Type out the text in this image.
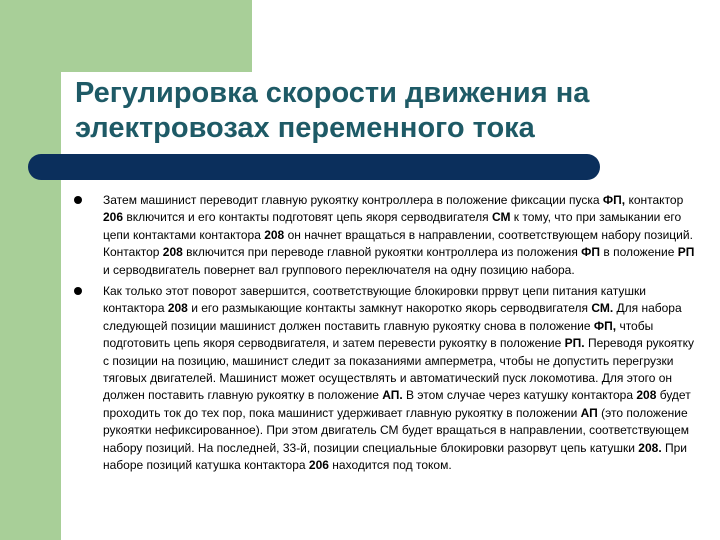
Регулировка скорости движения на электровозах переменного тока
Затем машинист переводит главную рукоятку контроллера в положение фиксации пуска ФП, контактор 206 включится и его контакты подготовят цепь якоря серводвигателя СМ к тому, что при замыкании его цепи контактами контактора 208 он начнет вращаться в направлении, соответствующем набору позиций. Контактор 208 включится при переводе главной рукоятки контроллера из положения ФП в положение РП и серводвигатель повернет вал группового переключателя на одну позицию набора.
Как только этот поворот завершится, соответствующие блокировки прр​вут цепи питания катушки контактора 208 и его размыкающие контакты замкнут накоротко якорь серводвигателя СМ. Для набора следующей позиции машинист должен поставить главную рукоятку снова в положение ФП, чтобы подготовить цепь якоря серводвигателя, и затем перевести рукоятку в положение РП. Переводя рукоятку с позиции на позицию, машинист следит за показаниями амперметра, чтобы не допустить перегрузки тяговых двигателей. Машинист может осуществлять и автоматический пуск локомотива. Для этого он должен поставить главную рукоятку в положение АП. В этом случае через катушку контактора 208 будет проходить ток до тех пор, пока машинист удерживает главную рукоятку в положении АП (это положение рукоятки нефиксированное). При этом двигатель СМ будет вращаться в направлении, соответствующем набору позиций. На последней, 33-й, позиции специальные блокировки разорвут цепь катушки 208. При наборе позиций катушка контактора 206 находится под током.
